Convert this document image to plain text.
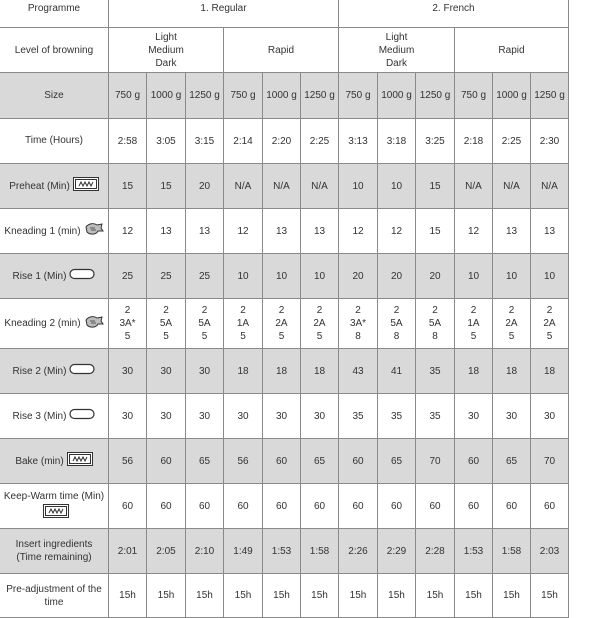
Programme	1. Regular						2. French					
Level of browning	Light
Medium
Dark			Rapid			Light
Medium
Dark			Rapid		
Size	750 g	1000 g	1250 g	750 g	1000 g	1250 g	750 g	1000 g	1250 g	750 g	1000 g	1250 g
Time (Hours)	2:58	3:05	3:15	2:14	2:20	2:25	3:13	3:18	3:25	2:18	2:25	2:30
Preheat (Min)	15	15	20	N/A	N/A	N/A	10	10	15	N/A	N/A	N/A
Kneading 1 (min)	12	13	13	12	13	13	12	12	15	12	13	13
Rise 1 (Min)	25	25	25	10	10	10	20	20	20	10	10	10
Kneading 2 (min)	2
3A*
5	2
5A
5	2
5A
5	2
1A
5	2
2A
5	2
2A
5	2
3A*
8	2
5A
8	2
5A
8	2
1A
5	2
2A
5	2
2A
5

Rise 2 (Min)	30	30	30	18	18	18	43	41	35	18	18	18
Rise 3 (Min)	30	30	30	30	30	30	35	35	35	30	30	30
Bake (min)	56	60	65	56	60	65	60	65	70	60	65	70
Keep-Warm time (Min)	60	60	60	60	60	60	60	60	60	60	60	60
Insert ingredients (Time remaining)	2:01	2:05	2:10	1:49	1:53	1:58	2:26	2:29	2:28	1:53	1:58	2:03
Pre-adjustment of the time	15h	15h	15h	15h	15h	15h	15h	15h	15h	15h	15h	15h
